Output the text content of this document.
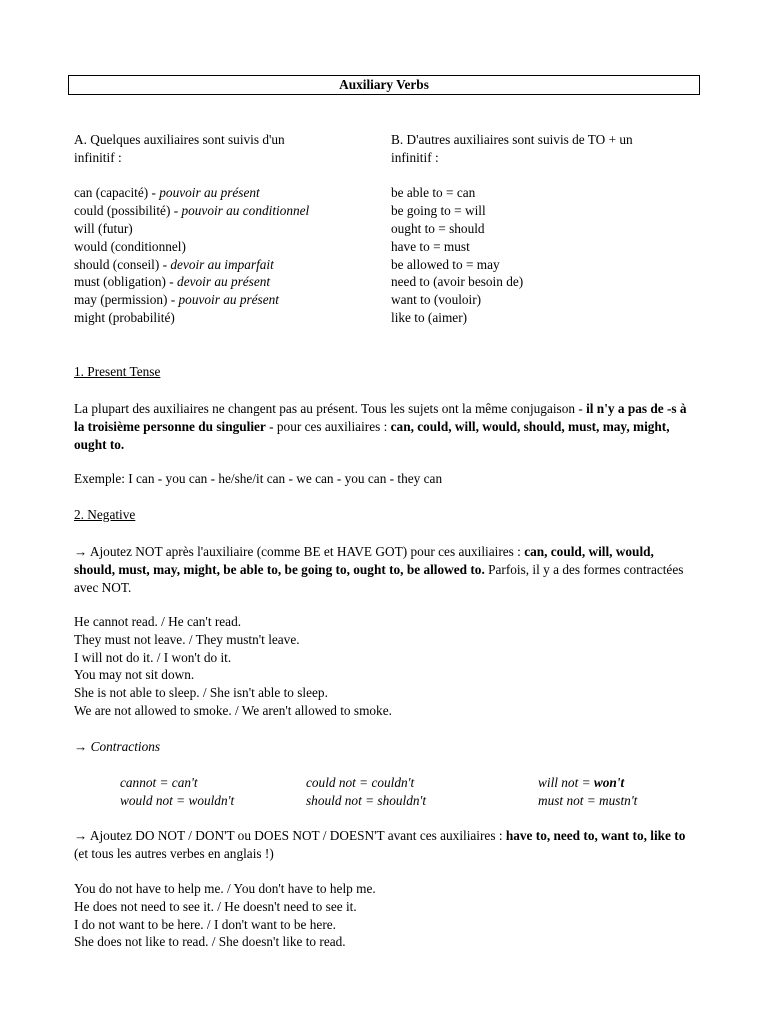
Auxiliary Verbs
A. Quelques auxiliaires sont suivis d'un
infinitif :
can (capacité) - pouvoir au présent
could (possibilité) - pouvoir au conditionnel
will (futur)
would (conditionnel)
should (conseil) - devoir au imparfait
must (obligation) - devoir au présent
may (permission) - pouvoir au présent
might (probabilité)
B. D'autres auxiliaires sont suivis de TO + un
infinitif :
be able to = can
be going to = will
ought to = should
have to = must
be allowed to = may
need to (avoir besoin de)
want to (vouloir)
like to (aimer)
1. Present Tense
La plupart des auxiliaires ne changent pas au présent. Tous les sujets ont la même conjugaison - il n'y a pas de -s à la troisième personne du singulier - pour ces auxiliaires : can, could, will, would, should, must, may, might, ought to.
Exemple: I can - you can - he/she/it can - we can - you can - they can
2. Negative
→ Ajoutez NOT après l'auxiliaire (comme BE et HAVE GOT) pour ces auxiliaires : can, could, will, would, should, must, may, might, be able to, be going to, ought to, be allowed to. Parfois, il y a des formes contractées avec NOT.
He cannot read. / He can't read.
They must not leave. / They mustn't leave.
I will not do it. / I won't do it.
You may not sit down.
She is not able to sleep. / She isn't able to sleep.
We are not allowed to smoke. / We aren't allowed to smoke.
→ Contractions
cannot = can't	could not = couldn't	will not = won't
would not = wouldn't	should not = shouldn't	must not = mustn't
→ Ajoutez DO NOT / DON'T ou DOES NOT / DOESN'T avant ces auxiliaires : have to, need to, want to, like to (et tous les autres verbes en anglais !)
You do not have to help me. / You don't have to help me.
He does not need to see it. / He doesn't need to see it.
I do not want to be here. / I don't want to be here.
She does not like to read. / She doesn't like to read.
